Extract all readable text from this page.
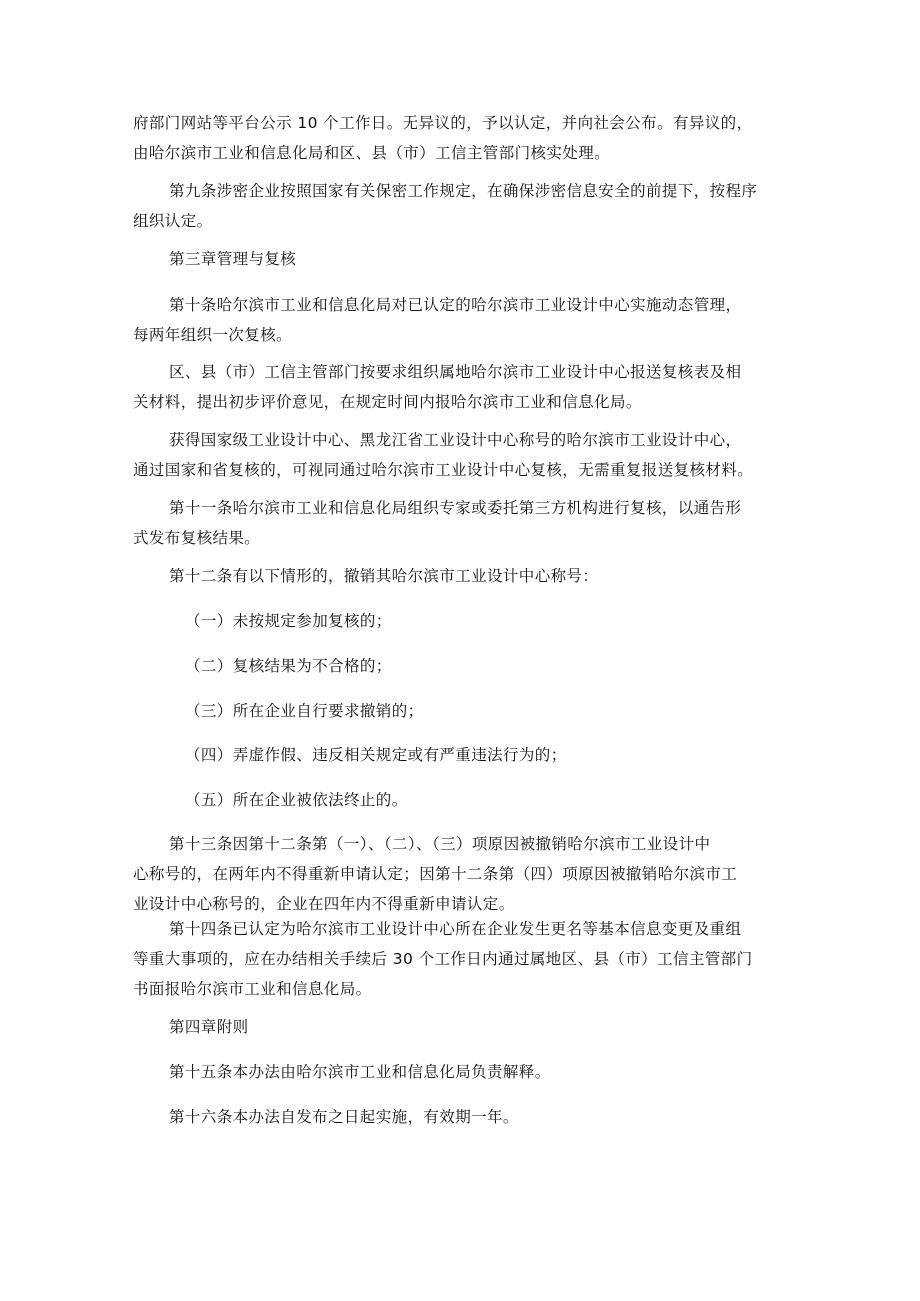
府部门网站等平台公示 10 个工作日。无异议的，予以认定，并向社会公布。有异议的，
由哈尔滨市工业和信息化局和区、县（市）工信主管部门核实处理。
第九条涉密企业按照国家有关保密工作规定，在确保涉密信息安全的前提下，按程序
组织认定。
第三章管理与复核
第十条哈尔滨市工业和信息化局对已认定的哈尔滨市工业设计中心实施动态管理，
每两年组织一次复核。
区、县（市）工信主管部门按要求组织属地哈尔滨市工业设计中心报送复核表及相
关材料，提出初步评价意见，在规定时间内报哈尔滨市工业和信息化局。
获得国家级工业设计中心、黑龙江省工业设计中心称号的哈尔滨市工业设计中心，
通过国家和省复核的，可视同通过哈尔滨市工业设计中心复核，无需重复报送复核材料。
第十一条哈尔滨市工业和信息化局组织专家或委托第三方机构进行复核，以通告形
式发布复核结果。
第十二条有以下情形的，撤销其哈尔滨市工业设计中心称号：
（一）未按规定参加复核的；
（二）复核结果为不合格的；
（三）所在企业自行要求撤销的；
（四）弄虚作假、违反相关规定或有严重违法行为的；
（五）所在企业被依法终止的。
第十三条因第十二条第（一）、（二）、（三）项原因被撤销哈尔滨市工业设计中
心称号的，在两年内不得重新申请认定；因第十二条第（四）项原因被撤销哈尔滨市工
业设计中心称号的，企业在四年内不得重新申请认定。
第十四条已认定为哈尔滨市工业设计中心所在企业发生更名等基本信息变更及重组
等重大事项的，应在办结相关手续后 30 个工作日内通过属地区、县（市）工信主管部门
书面报哈尔滨市工业和信息化局。
第四章附则
第十五条本办法由哈尔滨市工业和信息化局负责解释。
第十六条本办法自发布之日起实施，有效期一年。
